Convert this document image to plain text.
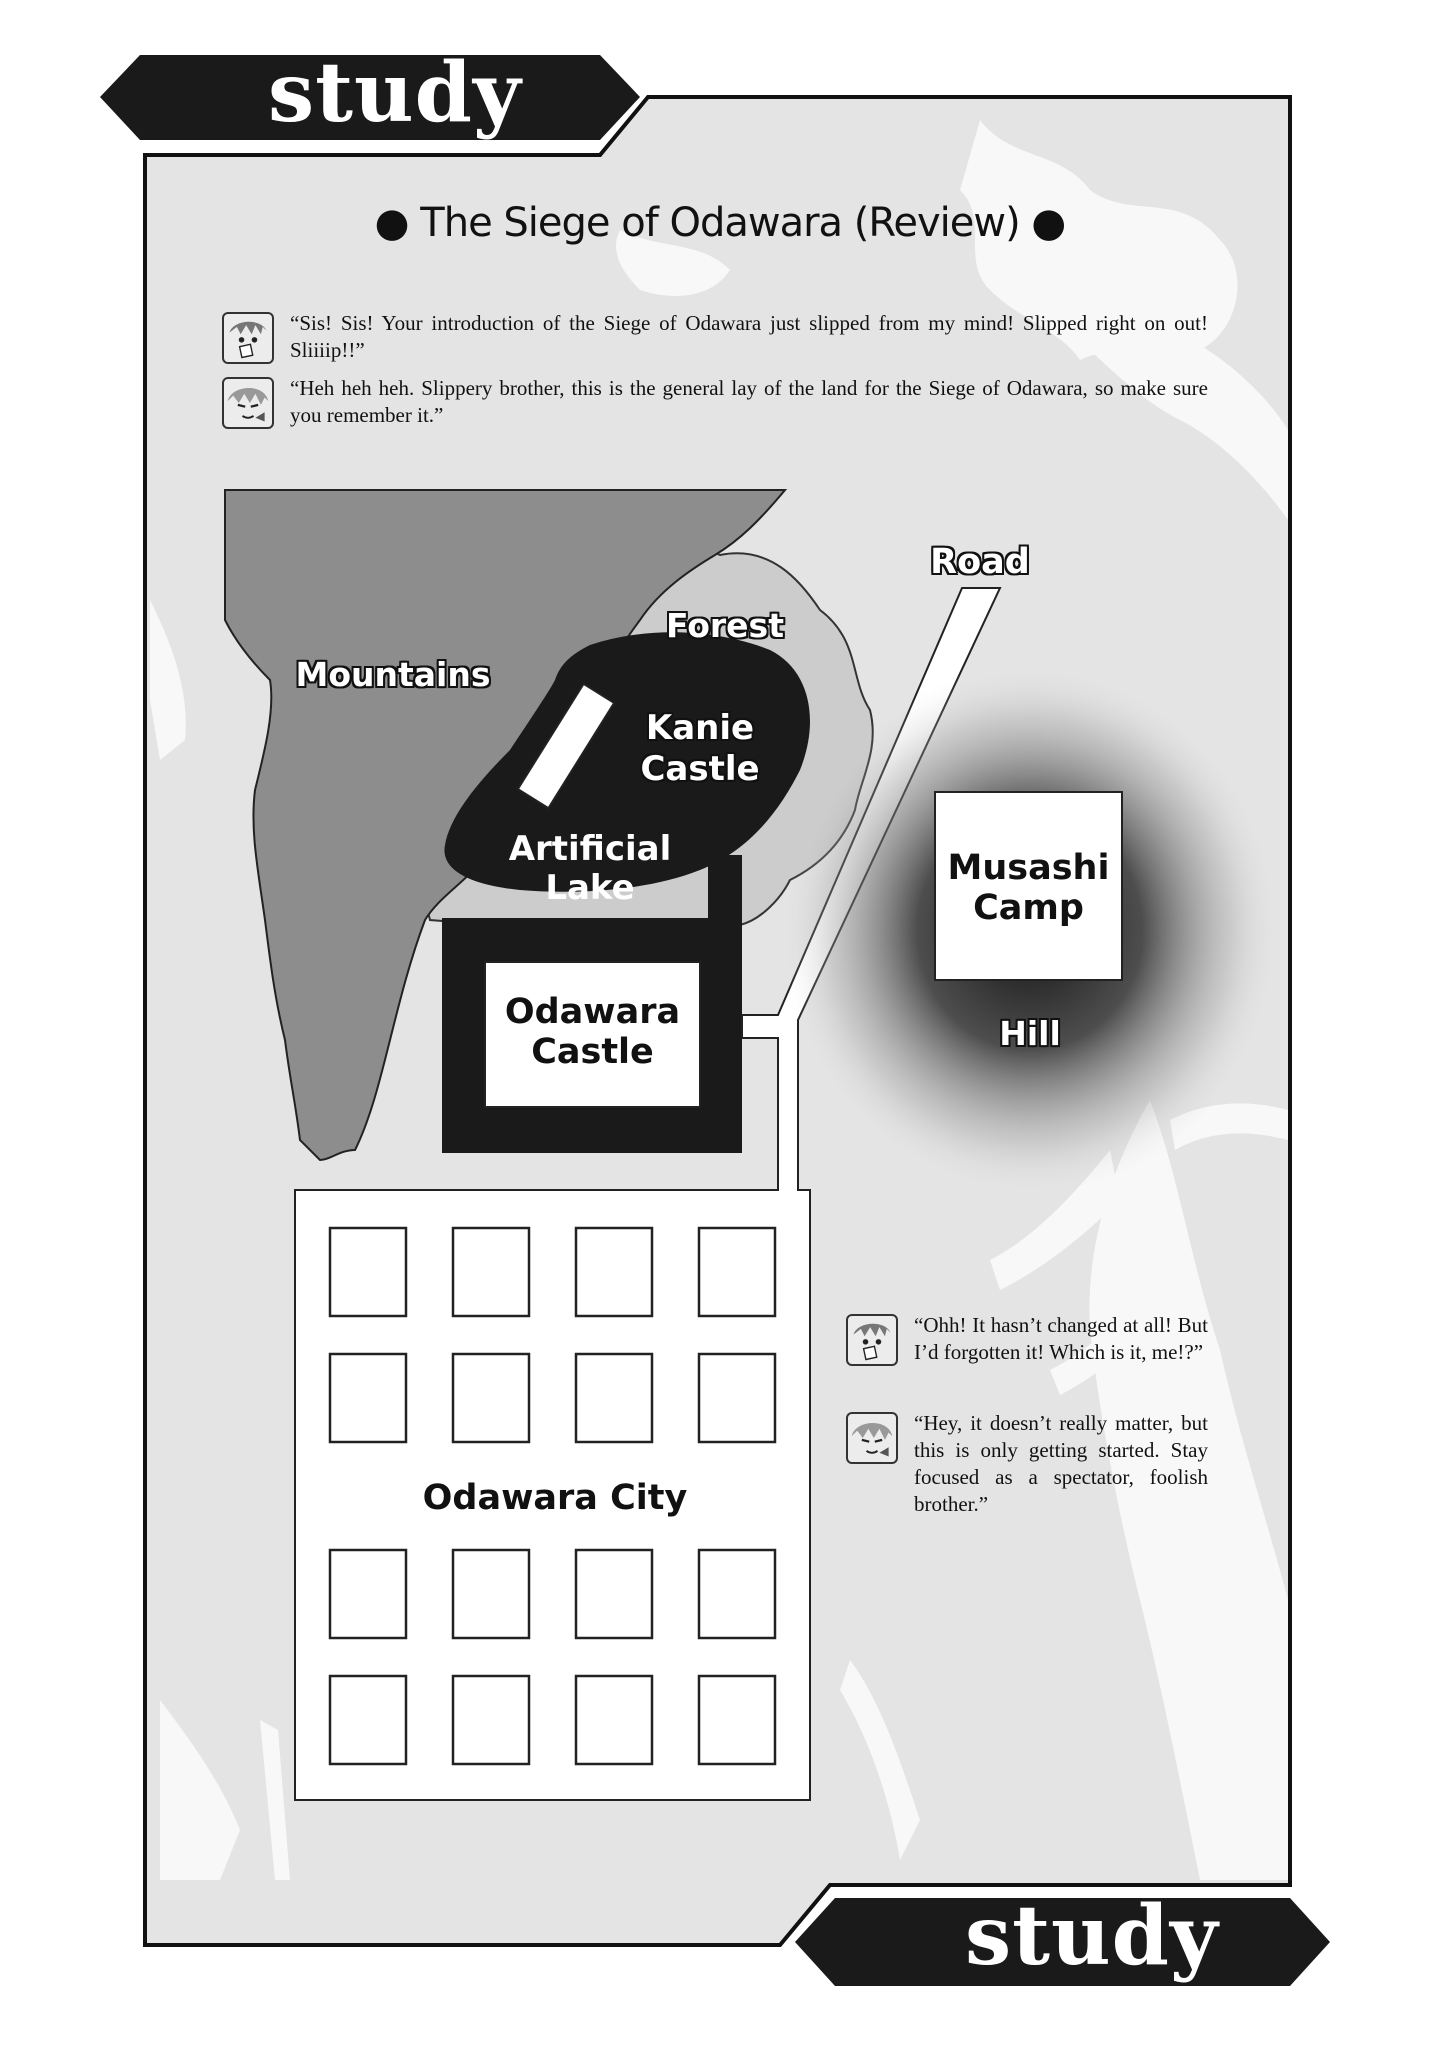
study
study
● The Siege of Odawara (Review) ●
“Sis! Sis! Your introduction of the Siege of Odawara just slipped from my mind! Slipped right on out! Sliiiip!!”
“Heh heh heh. Slippery brother, this is the general lay of the land for the Siege of Odawara, so make sure you remember it.”
Mountains
Forest
Kanie
Castle
Artificial Lake
Odawara
Castle
Road
Musashi
Camp
Hill
Odawara City
“Ohh! It hasn’t changed at all! But I’d forgotten it! Which is it, me!?”
“Hey, it doesn’t really matter, but this is only getting started. Stay focused as a spectator, foolish brother.”
